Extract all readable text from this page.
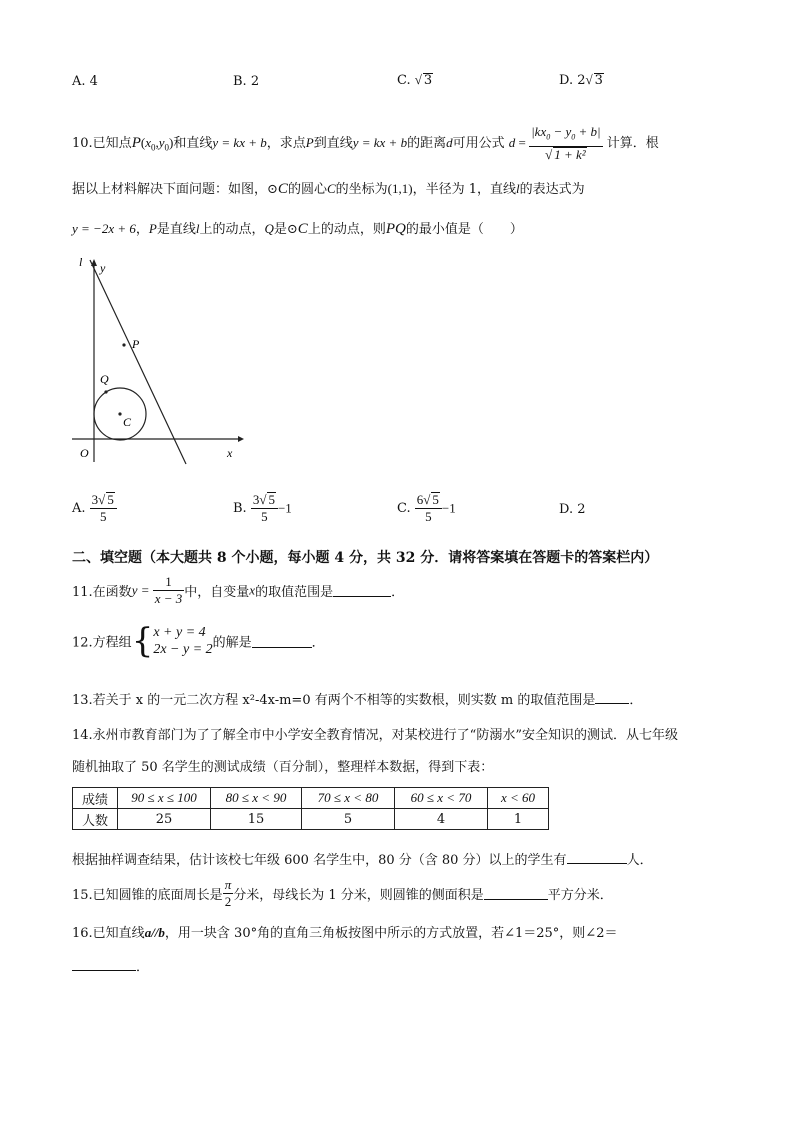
A. 4	B. 2	C. √ 3	D. 2√ 3
10.已知点$P(x_0,y_0)$和直线y = kx + b，求点P到直线y = kx + b的距离d可用公式 $d = \frac{|kx_0 - y_0 + b|}{\text{√ 1 + k²}}$ 计算．根
据以上材料解决下面问题：如图，⊙C的圆心C的坐标为(1,1)，半径为 1，直线l的表达式为
y = −2x + 6，P是直线l上的动点，Q是⊙C上的动点，则PQ的最小值是（　　）
l y
x
O
P
Q
C
A. $\frac{3√ 5}{5}$	B. $\frac{3√ 5}{5} -1$	C. $\frac{6√ 5}{5} -1$	D. 2
二、填空题（本大题共 8 个小题，每小题 4 分，共 32 分．请将答案填在答题卡的答案栏内）
11.在函数$y = \frac{1}{x - 3}$ 中，自变量x的取值范围是	．
12.方程组{ x + y = 4
2x − y = 2 的解是	．
13.若关于 x 的一元二次方程 x²-4x-m=0 有两个不相等的实数根，则实数 m 的取值范围是	．
14.永州市教育部门为了了解全市中小学安全教育情况，对某校进行了“防溺水”安全知识的测试．从七年级
随机抽取了 50 名学生的测试成绩（百分制），整理样本数据，得到下表：
成绩	90 ≤ x ≤ 100	80 ≤ x < 90	70 ≤ x < 80	60 ≤ x < 70	x < 60
人数	25	15	5	4	1
根据抽样调查结果，估计该校七年级 600 名学生中，80 分（含 80 分）以上的学生有	人．
15.已知圆锥的底面周长是 $\frac{\pi}{2}$ 分米，母线长为 1 分米，则圆锥的侧面积是	平方分米．
16.已知直线a//b，用一块含 30°角的直角三角板按图中所示的方式放置，若∠1＝25°，则∠2＝
．
